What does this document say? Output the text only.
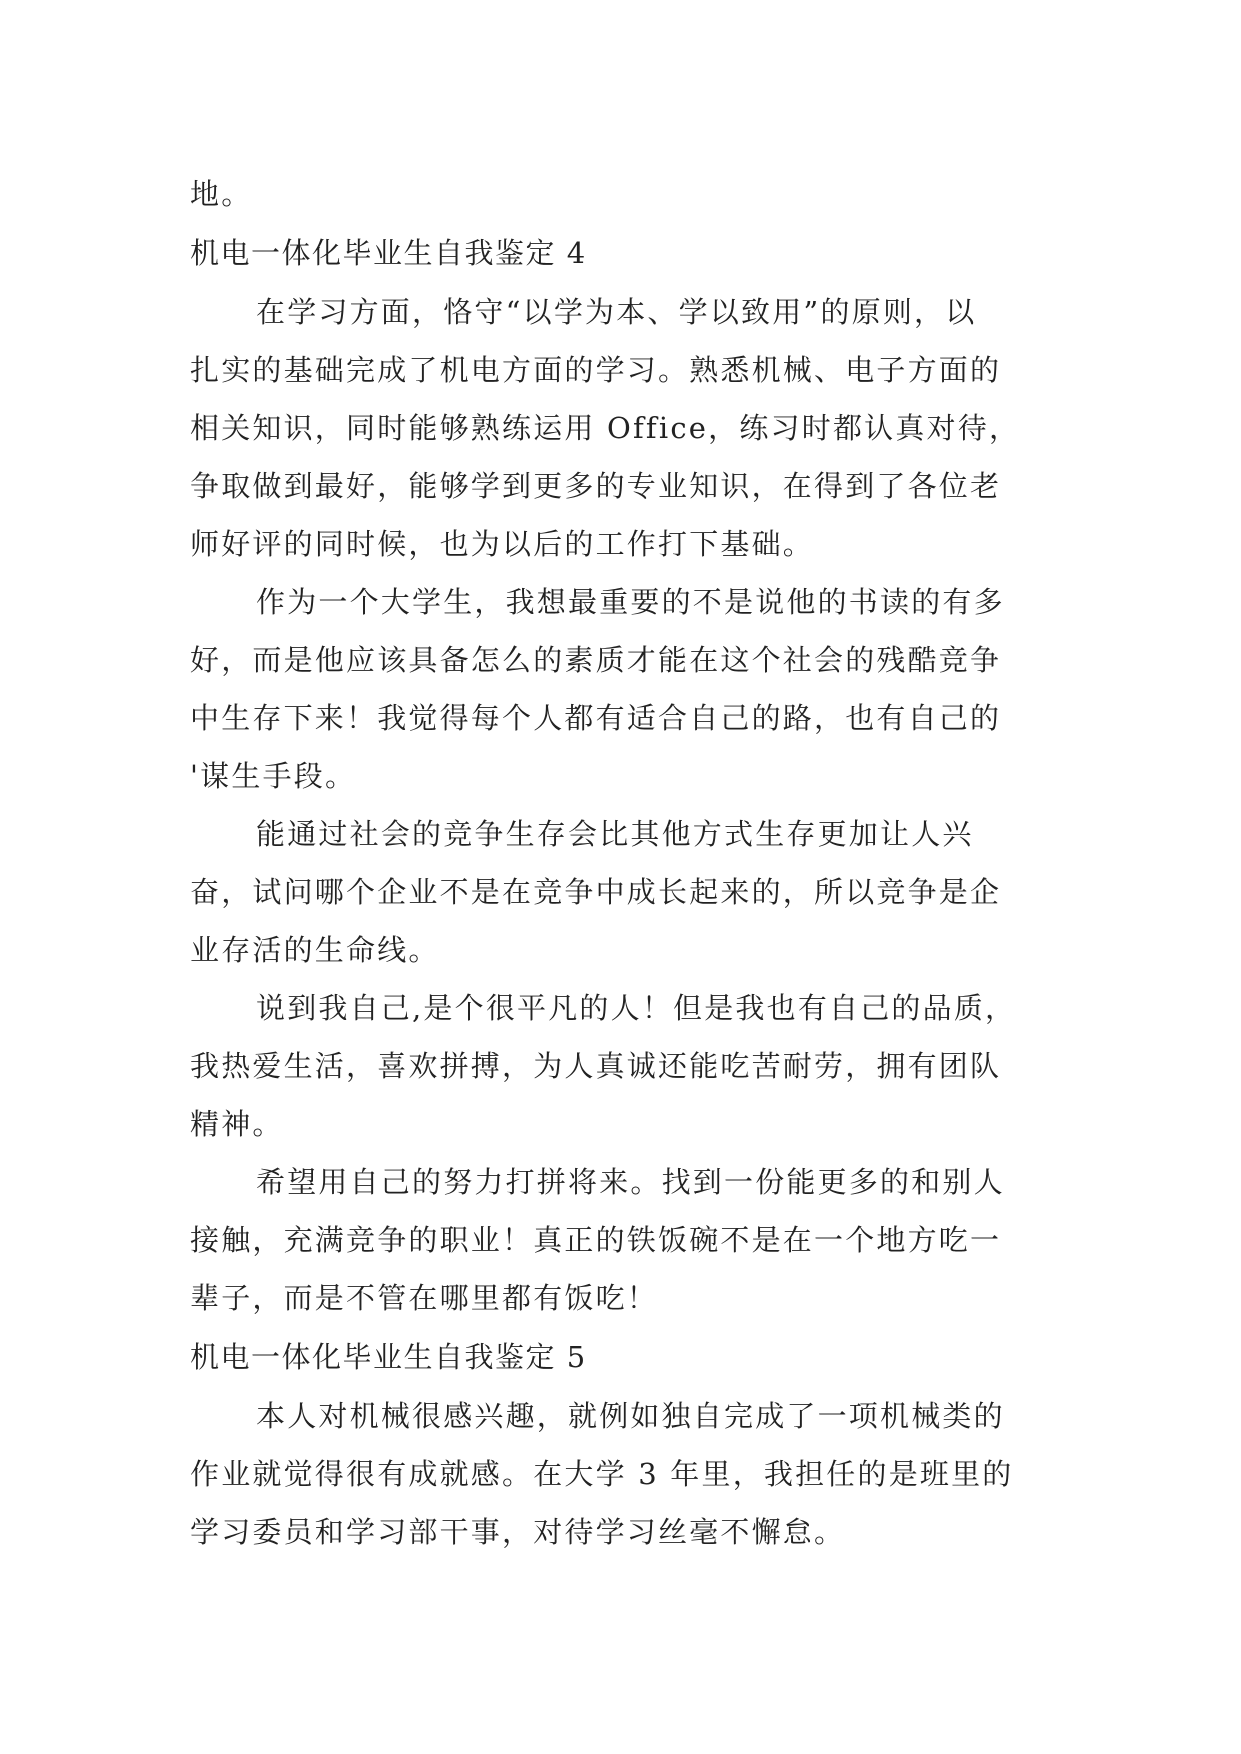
地。
机电一体化毕业生自我鉴定 4
在学习方面，恪守“以学为本、学以致用”的原则，以
扎实的基础完成了机电方面的学习。熟悉机械、电子方面的
相关知识，同时能够熟练运用 Office，练习时都认真对待，
争取做到最好，能够学到更多的专业知识，在得到了各位老
师好评的同时候，也为以后的工作打下基础。
作为一个大学生，我想最重要的不是说他的书读的有多
好，而是他应该具备怎么的素质才能在这个社会的残酷竞争
中生存下来！我觉得每个人都有适合自己的路，也有自己的
'谋生手段。
能通过社会的竞争生存会比其他方式生存更加让人兴
奋，试问哪个企业不是在竞争中成长起来的，所以竞争是企
业存活的生命线。
说到我自己,是个很平凡的人！但是我也有自己的品质，
我热爱生活，喜欢拼搏，为人真诚还能吃苦耐劳，拥有团队
精神。
希望用自己的努力打拼将来。找到一份能更多的和别人
接触，充满竞争的职业！真正的铁饭碗不是在一个地方吃一
辈子，而是不管在哪里都有饭吃！
机电一体化毕业生自我鉴定 5
本人对机械很感兴趣，就例如独自完成了一项机械类的
作业就觉得很有成就感。在大学 3 年里，我担任的是班里的
学习委员和学习部干事，对待学习丝毫不懈怠。
